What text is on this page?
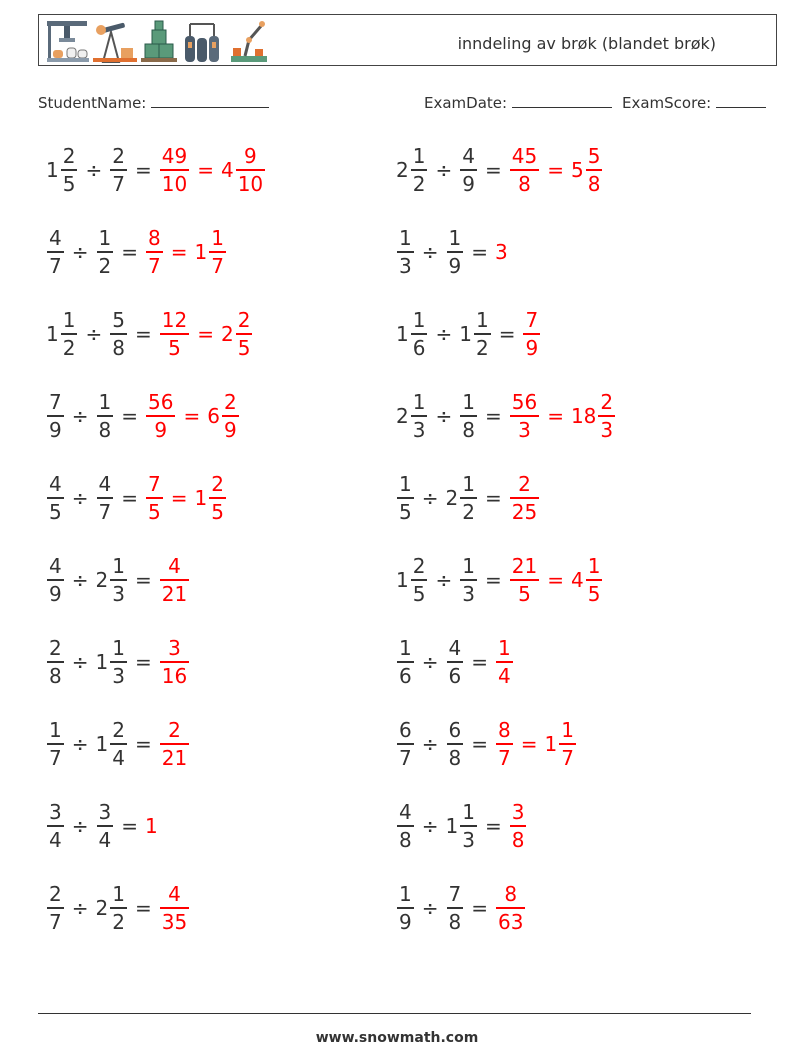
inndeling av brøk (blandet brøk)
StudentName:	ExamDate:	ExamScore:
$1 \frac{2}{5} \div \frac{2}{7} = \frac{49}{10} = 4 \frac{9}{10}$	$2 \frac{1}{2} \div \frac{4}{9} = \frac{45}{8} = 5 \frac{5}{8}$
$\frac{4}{7} \div \frac{1}{2} = \frac{8}{7} = 1 \frac{1}{7}$	$\frac{1}{3} \div \frac{1}{9} = 3$
$1 \frac{1}{2} \div \frac{5}{8} = \frac{12}{5} = 2 \frac{2}{5}$	$1 \frac{1}{6} \div 1 \frac{1}{2} = \frac{7}{9}$
$\frac{7}{9} \div \frac{1}{8} = \frac{56}{9} = 6 \frac{2}{9}$	$2 \frac{1}{3} \div \frac{1}{8} = \frac{56}{3} = 18 \frac{2}{3}$
$\frac{4}{5} \div \frac{4}{7} = \frac{7}{5} = 1 \frac{2}{5}$	$\frac{1}{5} \div 2 \frac{1}{2} = \frac{2}{25}$
$\frac{4}{9} \div 2 \frac{1}{3} = \frac{4}{21}$	$1 \frac{2}{5} \div \frac{1}{3} = \frac{21}{5} = 4 \frac{1}{5}$
$\frac{2}{8} \div 1 \frac{1}{3} = \frac{3}{16}$	$\frac{1}{6} \div \frac{4}{6} = \frac{1}{4}$
$\frac{1}{7} \div 1 \frac{2}{4} = \frac{2}{21}$	$\frac{6}{7} \div \frac{6}{8} = \frac{8}{7} = 1 \frac{1}{7}$
$\frac{3}{4} \div \frac{3}{4} = 1$	$\frac{4}{8} \div 1 \frac{1}{3} = \frac{3}{8}$
$\frac{2}{7} \div 2 \frac{1}{2} = \frac{4}{35}$	$\frac{1}{9} \div \frac{7}{8} = \frac{8}{63}$
www.snowmath.com
